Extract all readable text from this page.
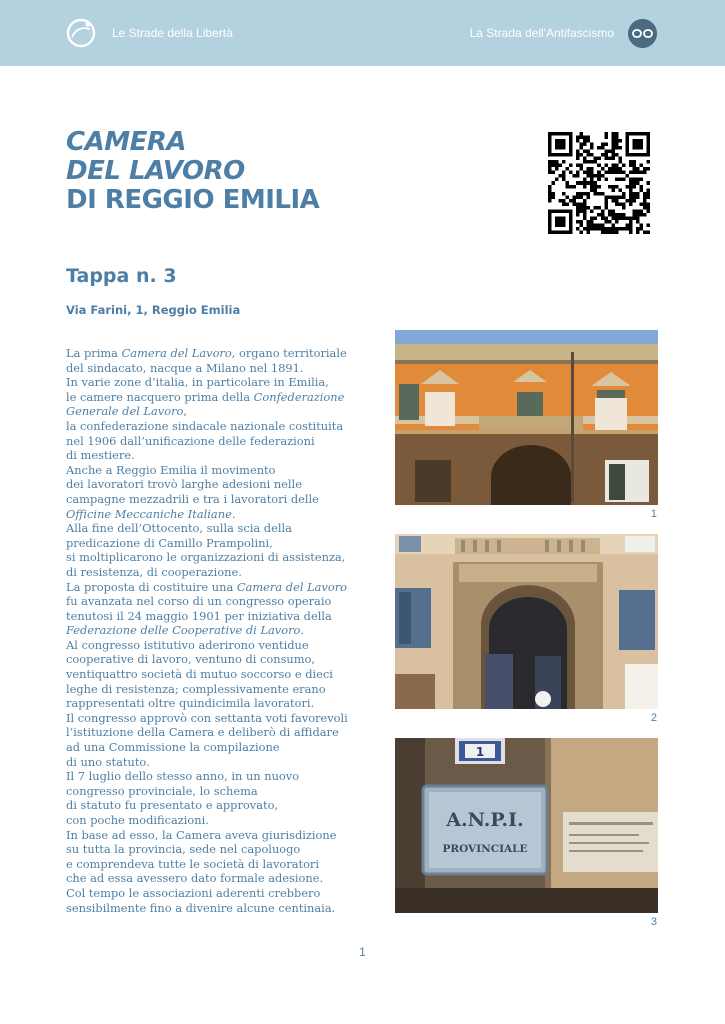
Le Strade della Libertà	La Strada dell'Antifascismo
CAMERA
DEL LAVORO
DI REGGIO EMILIA
Tappa n. 3
Via Farini, 1, Reggio Emilia
La prima Camera del Lavoro, organo territoriale
del sindacato, nacque a Milano nel 1891.
In varie zone d’italia, in particolare in Emilia,
le camere nacquero prima della Confederazione
Generale del Lavoro,
la confederazione sindacale nazionale costituita
nel 1906 dall’unificazione delle federazioni
di mestiere.
Anche a Reggio Emilia il movimento
dei lavoratori trovò larghe adesioni nelle
campagne mezzadrili e tra i lavoratori delle
Officine Meccaniche Italiane.
Alla fine dell’Ottocento, sulla scia della
predicazione di Camillo Prampolini,
si moltiplicarono le organizzazioni di assistenza,
di resistenza, di cooperazione.
La proposta di costituire una Camera del Lavoro
fu avanzata nel corso di un congresso operaio
tenutosi il 24 maggio 1901 per iniziativa della
Federazione delle Cooperative di Lavoro.
Al congresso istitutivo aderirono ventidue
cooperative di lavoro, ventuno di consumo,
ventiquattro società di mutuo soccorso e dieci
leghe di resistenza; complessivamente erano
rappresentati oltre quindicimila lavoratori.
Il congresso approvò con settanta voti favorevoli
l’istituzione della Camera e deliberò di affidare
ad una Commissione la compilazione
di uno statuto.
Il 7 luglio dello stesso anno, in un nuovo
congresso provinciale, lo schema
di statuto fu presentato e approvato,
con poche modificazioni.
In base ad esso, la Camera aveva giurisdizione
su tutta la provincia, sede nel capoluogo
e comprendeva tutte le società di lavoratori
che ad essa avessero dato formale adesione.
Col tempo le associazioni aderenti crebbero
sensibilmente fino a divenire alcune centinaia.
1
2
1
A.N.P.I.
PROVINCIALE
3
1
